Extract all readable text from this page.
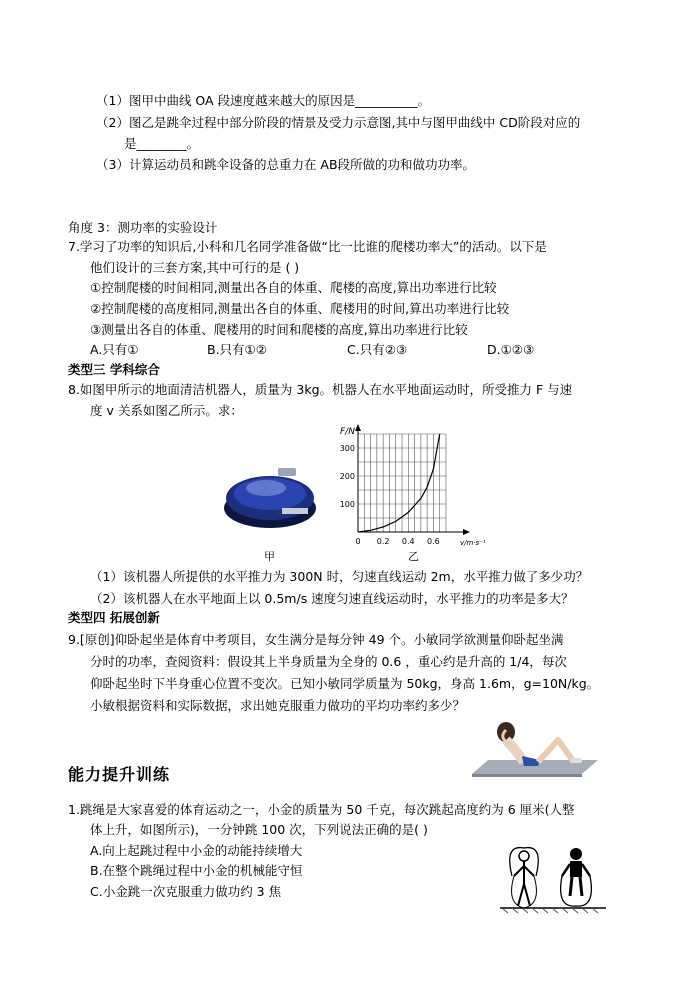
（1）图甲中曲线 OA 段速度越来越大的原因是__________。
（2）图乙是跳伞过程中部分阶段的情景及受力示意图,其中与图甲曲线中 CD阶段对应的
是________。
（3）计算运动员和跳伞设备的总重力在 AB段所做的功和做功功率。
角度 3：测功率的实验设计
7.学习了功率的知识后,小科和几名同学准备做“比一比谁的爬楼功率大”的活动。以下是
他们设计的三套方案,其中可行的是 ( )
①控制爬楼的时间相同,测量出各自的体重、爬楼的高度,算出功率进行比较
②控制爬楼的高度相同,测量出各自的体重、爬楼用的时间,算出功率进行比较
③测量出各自的体重、爬楼用的时间和爬楼的高度,算出功率进行比较
A.只有①	B.只有①②	C.只有②③	D.①②③
类型三 学科综合
8.如图甲所示的地面清洁机器人，质量为 3kg。机器人在水平地面运动时，所受推力 F 与速
度 v 关系如图乙所示。求：
甲
0 0.2 0.4 0.6
100
200
300
F/N
v/m·s⁻¹
乙
（1）该机器人所提供的水平推力为 300N 时，匀速直线运动 2m，水平推力做了多少功？
（2）该机器人在水平地面上以 0.5m/s 速度匀速直线运动时，水平推力的功率是多大？
类型四 拓展创新
9.[原创]仰卧起坐是体育中考项目，女生满分是每分钟 49 个。小敏同学欲测量仰卧起坐满
分时的功率，查阅资料：假设其上半身质量为全身的 0.6 ，重心约是升高的 1/4，每次
仰卧起坐时下半身重心位置不变次。已知小敏同学质量为 50kg，身高 1.6m，g=10N/kg。
小敏根据资料和实际数据，求出她克服重力做功的平均功率约多少？
能力提升训练
1.跳绳是大家喜爱的体育运动之一，小金的质量为 50 千克，每次跳起高度约为 6 厘米(人整
体上升，如图所示)，一分钟跳 100 次，下列说法正确的是( )
A.向上起跳过程中小金的动能持续增大
B.在整个跳绳过程中小金的机械能守恒
C.小金跳一次克服重力做功约 3 焦
